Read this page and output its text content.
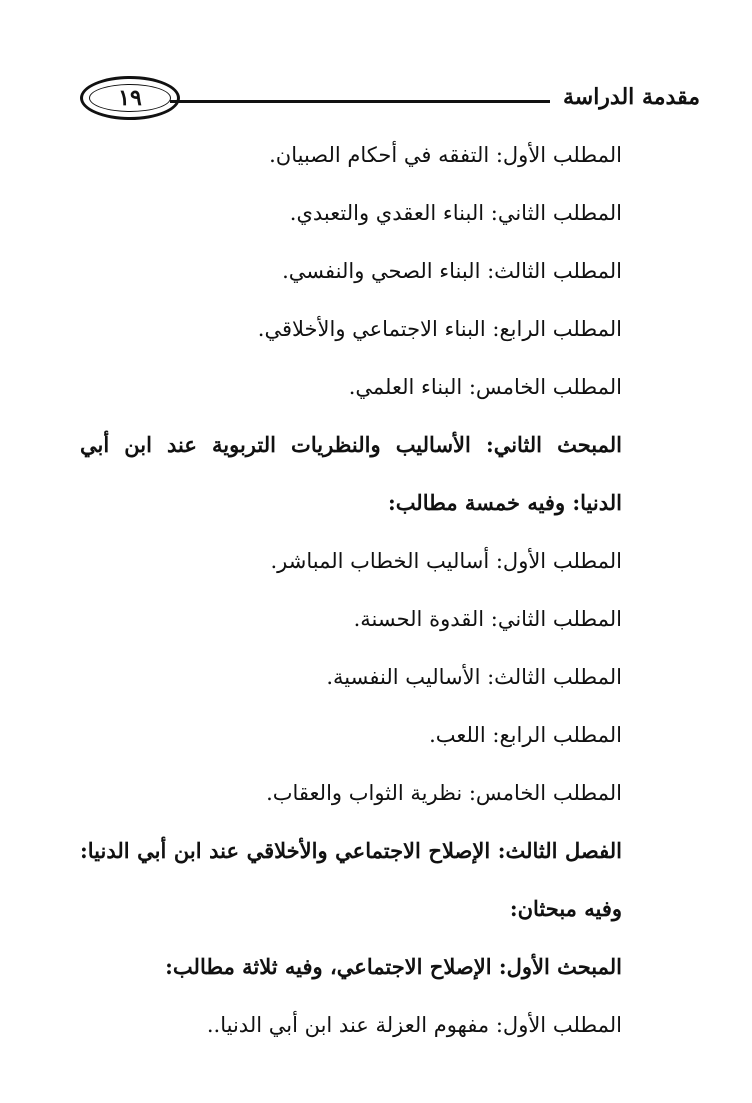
١٩	مقدمة الدراسة
المطلب الأول: التفقه في أحكام الصبيان.
المطلب الثاني: البناء العقدي والتعبدي.
المطلب الثالث: البناء الصحي والنفسي.
المطلب الرابع: البناء الاجتماعي والأخلاقي.
المطلب الخامس: البناء العلمي.
المبحث الثاني: الأساليب والنظريات التربوية عند ابن أبي الدنيا: وفيه خمسة مطالب:
المطلب الأول: أساليب الخطاب المباشر.
المطلب الثاني: القدوة الحسنة.
المطلب الثالث: الأساليب النفسية.
المطلب الرابع: اللعب.
المطلب الخامس: نظرية الثواب والعقاب.
الفصل الثالث: الإصلاح الاجتماعي والأخلاقي عند ابن أبي الدنيا: وفيه مبحثان:
المبحث الأول: الإصلاح الاجتماعي، وفيه ثلاثة مطالب:
المطلب الأول: مفهوم العزلة عند ابن أبي الدنيا..
